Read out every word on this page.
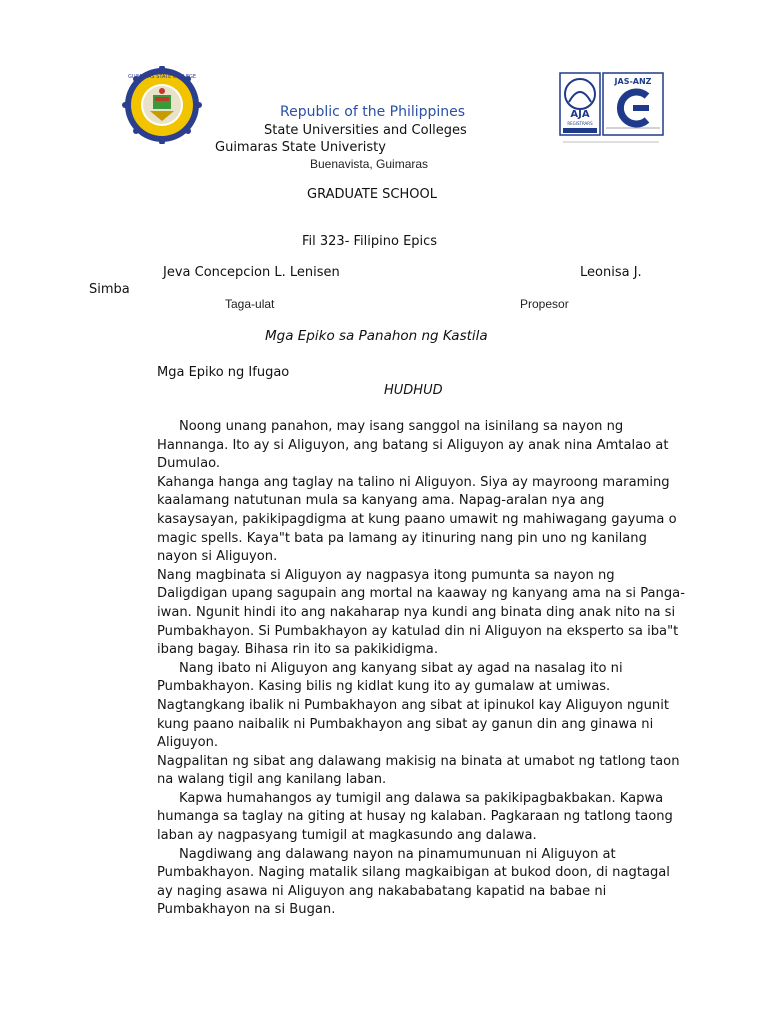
GUIMARAS STATE COLLEGE
AJA
REGISTRARS
JAS-ANZ
Republic of the Philippines
State Universities and Colleges
Guimaras State Univeristy
Buenavista, Guimaras
GRADUATE SCHOOL
Fil 323- Filipino Epics
Jeva Concepcion L. Lenisen	Leonisa J.
Simba
Taga-ulat	Propesor
Mga Epiko sa Panahon ng Kastila
Mga Epiko ng Ifugao
HUDHUD

Noong unang panahon, may isang sanggol na isinilang sa nayon ng Hannanga. Ito ay si Aliguyon, ang batang si Aliguyon ay anak nina Amtalao at Dumulao.

Kahanga hanga ang taglay na talino ni Aliguyon. Siya ay mayroong maraming kaalamang natutunan mula sa kanyang ama. Napag-aralan nya ang kasaysayan, pakikipagdigma at kung paano umawit ng mahiwagang gayuma o magic spells. Kaya"t bata pa lamang ay itinuring nang pin uno ng kanilang nayon si Aliguyon.

Nang magbinata si Aliguyon ay nagpasya itong pumunta sa nayon ng Daligdigan upang sagupain ang mortal na kaaway ng kanyang ama na si Panga-iwan. Ngunit hindi ito ang nakaharap nya kundi ang binata ding anak nito na si Pumbakhayon. Si Pumbakhayon ay katulad din ni Aliguyon na eksperto sa iba"t ibang bagay. Bihasa rin ito sa pakikidigma.

Nang ibato ni Aliguyon ang kanyang sibat ay agad na nasalag ito ni Pumbakhayon. Kasing bilis ng kidlat kung ito ay gumalaw at umiwas. Nagtangkang ibalik ni Pumbakhayon ang sibat at ipinukol kay Aliguyon ngunit kung paano naibalik ni Pumbakhayon ang sibat ay ganun din ang ginawa ni Aliguyon.

Nagpalitan ng sibat ang dalawang makisig na binata at umabot ng tatlong taon na walang tigil ang kanilang laban.

Kapwa humahangos ay tumigil ang dalawa sa pakikipagbakbakan. Kapwa humanga sa taglay na giting at husay ng kalaban. Pagkaraan ng tatlong taong laban ay nagpasyang tumigil at magkasundo ang dalawa.

Nagdiwang ang dalawang nayon na pinamumunuan ni Aliguyon at Pumbakhayon. Naging matalik silang magkaibigan at bukod doon, di nagtagal ay naging asawa ni Aliguyon ang nakababatang kapatid na babae ni Pumbakhayon na si Bugan.
